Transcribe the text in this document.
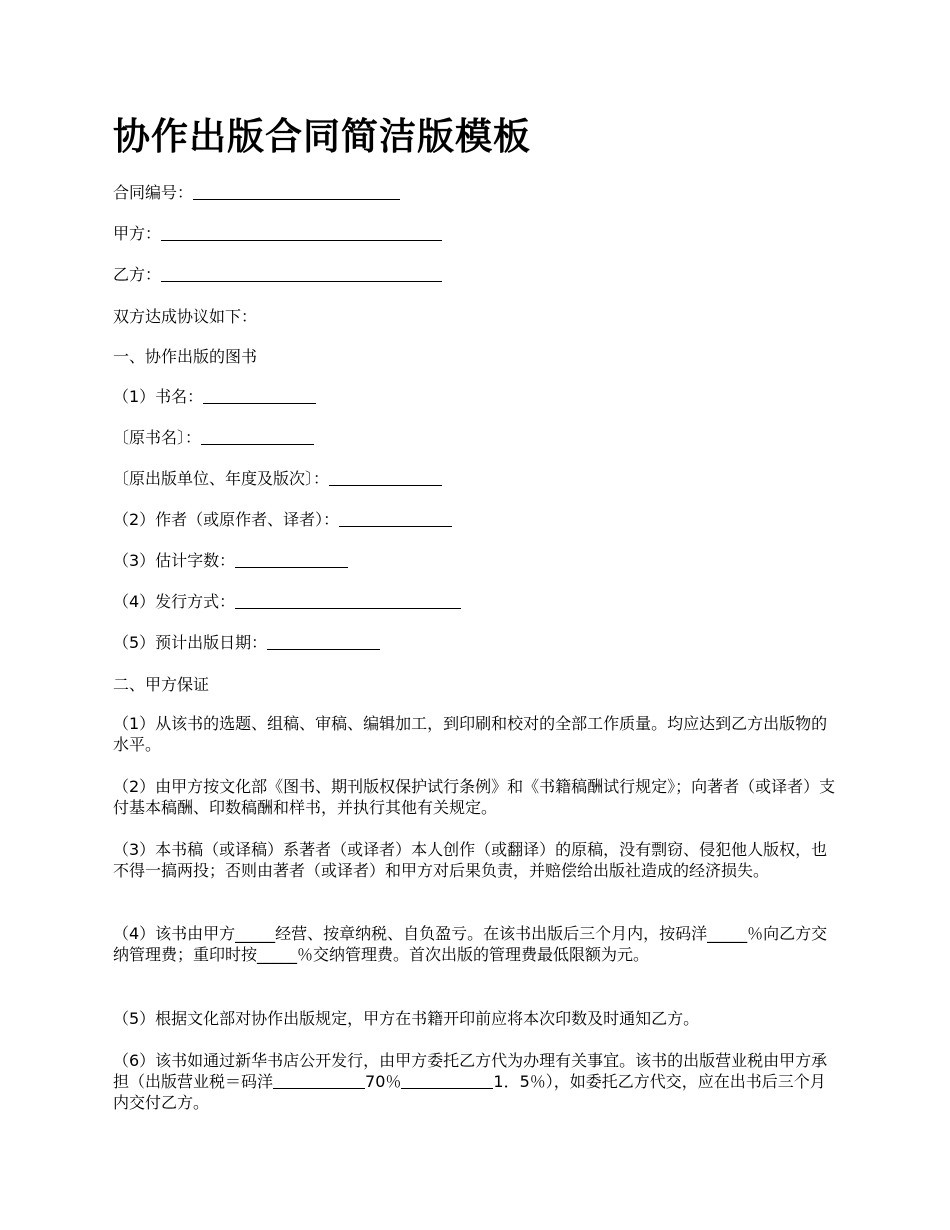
协作出版合同简洁版模板

合同编号：

甲方：

乙方：

双方达成协议如下：

一、协作出版的图书

（1）书名：

〔原书名〕：

〔原出版单位、年度及版次〕：

（2）作者（或原作者、译者）：

（3）估计字数：

（4）发行方式：

（5）预计出版日期：

二、甲方保证

（1）从该书的选题、组稿、审稿、编辑加工，到印刷和校对的全部工作质量。均应达到乙方出版物的水平。

（2）由甲方按文化部《图书、期刊版权保护试行条例》和《书籍稿酬试行规定》；向著者（或译者）支付基本稿酬、印数稿酬和样书，并执行其他有关规定。

（3）本书稿（或译稿）系著者（或译者）本人创作（或翻译）的原稿，没有剽窃、侵犯他人版权，也不得一搞两投；否则由著者（或译者）和甲方对后果负责，并赔偿给出版社造成的经济损失。

（4）该书由甲方_____经营、按章纳税、自负盈亏。在该书出版后三个月内，按码洋_____％向乙方交纳管理费；重印时按_____％交纳管理费。首次出版的管理费最低限额为元。

（5）根据文化部对协作出版规定，甲方在书籍开印前应将本次印数及时通知乙方。

（6）该书如通过新华书店公开发行，由甲方委托乙方代为办理有关事宜。该书的出版营业税由甲方承担（出版营业税＝码洋	70％	1．5％），如委托乙方代交，应在出书后三个月内交付乙方。
